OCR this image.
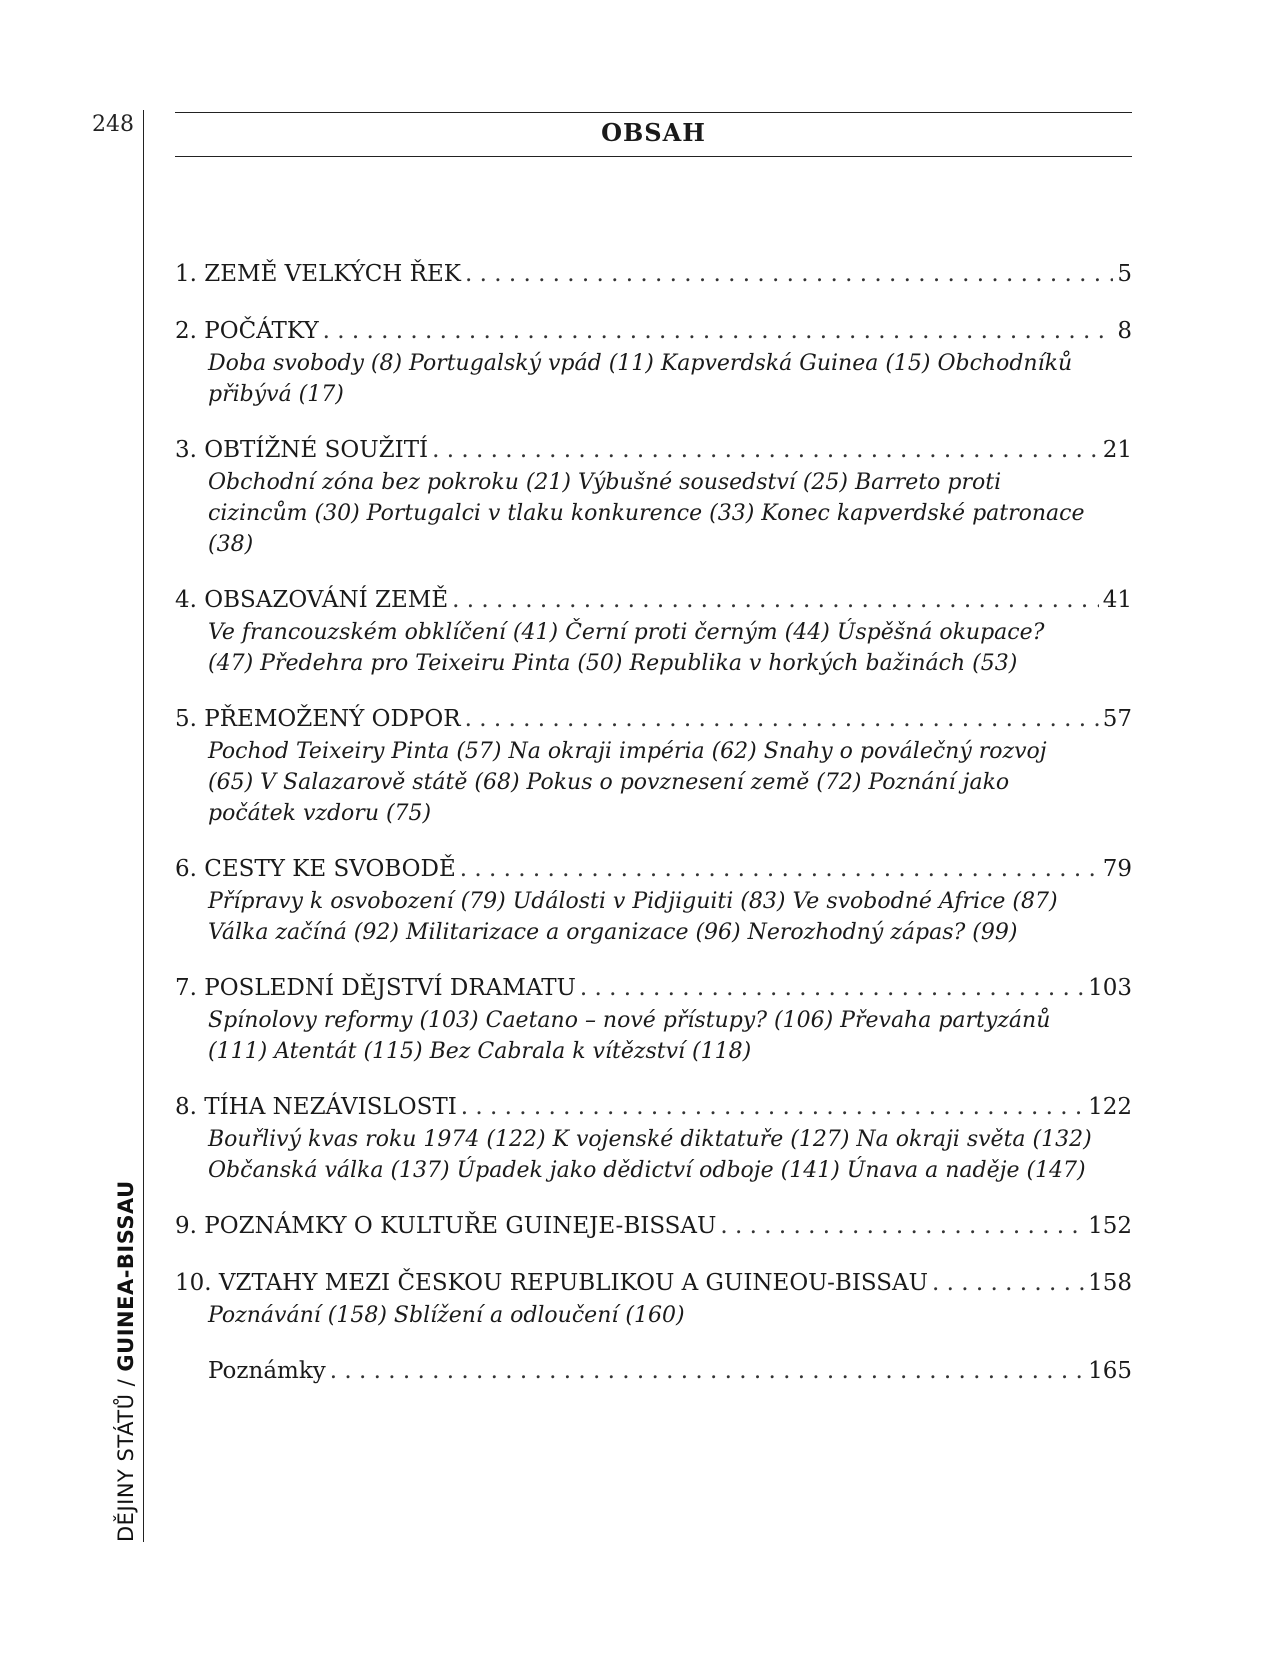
248
DĚJINY STÁTŮ / GUINEA-BISSAU
OBSAH
1. ZEMĚ VELKÝCH ŘEK . . .	5
2. POČÁTKY . . .	8
Doba svobody (8) Portugalský vpád (11) Kapverdská Guinea (15) Obchodníků přibývá (17)
3. OBTÍŽNÉ SOUŽITÍ . . .	21
Obchodní zóna bez pokroku (21) Výbušné sousedství (25) Barreto proti cizincům (30) Portugalci v tlaku konkurence (33) Konec kapverdské patronace (38)
4. OBSAZOVÁNÍ ZEMĚ . . .	41
Ve francouzském obklíčení (41) Černí proti černým (44) Úspěšná okupace? (47) Předehra pro Teixeiru Pinta (50) Republika v horkých bažinách (53)
5. PŘEMOŽENÝ ODPOR . . .	57
Pochod Teixeiry Pinta (57) Na okraji impéria (62) Snahy o poválečný rozvoj (65) V Salazarově státě (68) Pokus o povznesení země (72) Poznání jako počátek vzdoru (75)
6. CESTY KE SVOBODĚ . . .	79
Přípravy k osvobození (79) Události v Pidjiguiti (83) Ve svobodné Africe (87) Válka začíná (92) Militarizace a organizace (96) Nerozhodný zápas? (99)
7. POSLEDNÍ DĚJSTVÍ DRAMATU . . .	103
Spínolovy reformy (103) Caetano – nové přístupy? (106) Převaha partyzánů (111) Atentát (115) Bez Cabrala k vítězství (118)
8. TÍHA NEZÁVISLOSTI . . .	122
Bouřlivý kvas roku 1974 (122) K vojenské diktatuře (127) Na okraji světa (132) Občanská válka (137) Úpadek jako dědictví odboje (141) Únava a naděje (147)
9. POZNÁMKY O KULTUŘE GUINEJE-BISSAU . . .	152
10. VZTAHY MEZI ČESKOU REPUBLIKOU A GUINEOU-BISSAU . . .	158
Poznávání (158) Sblížení a odloučení (160)
Poznámky . . .	165
